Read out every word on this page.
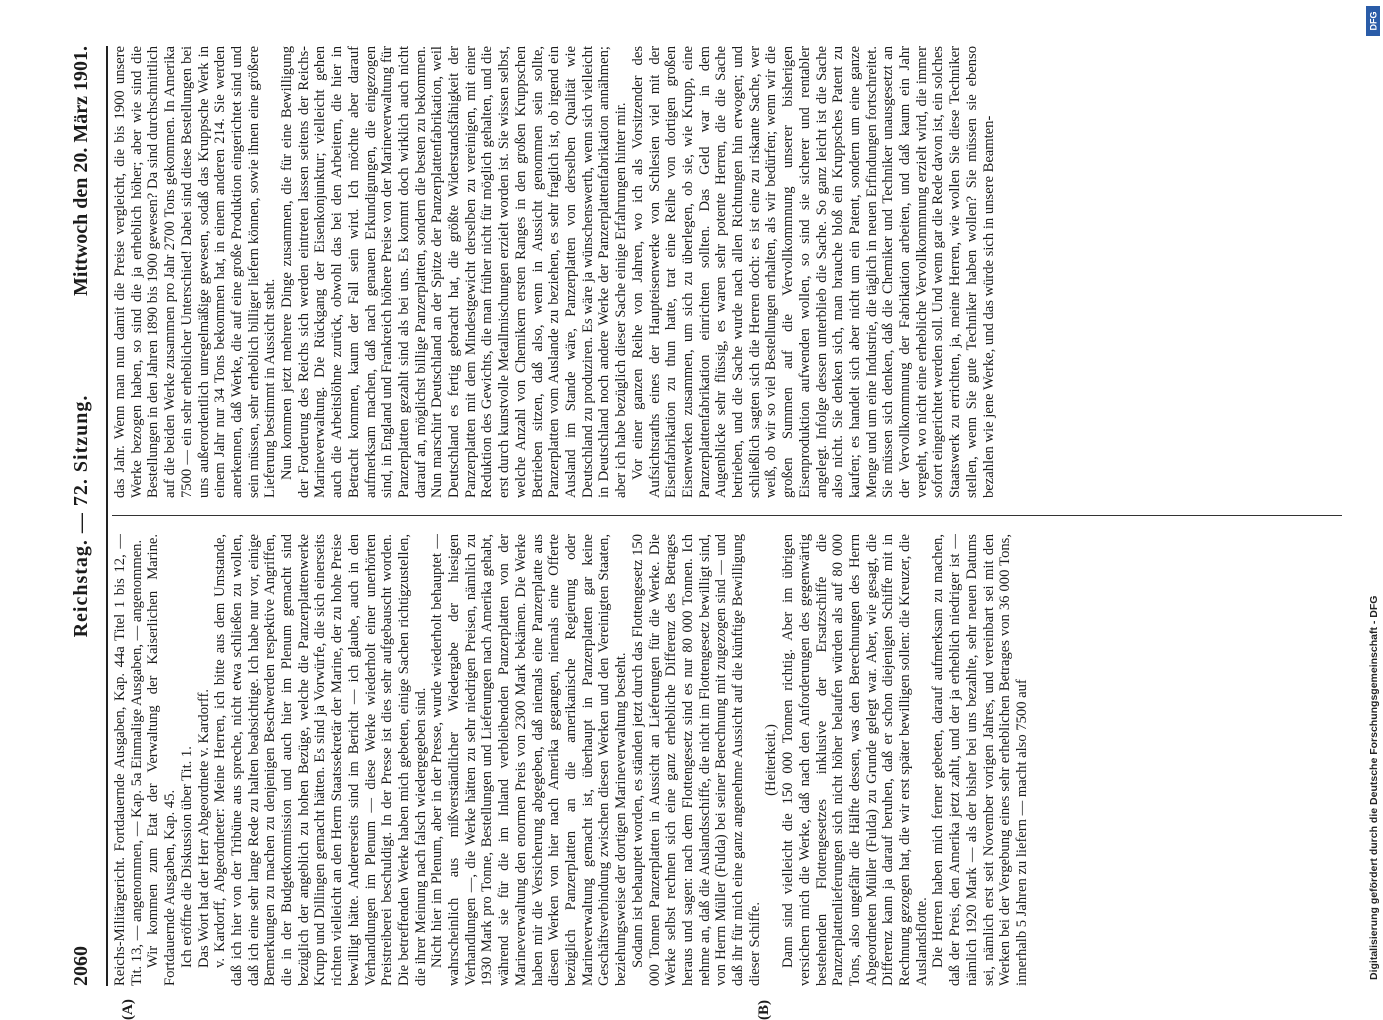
2060
Reichstag. — 72. Sitzung.
Mittwoch den 20. März 1901.
(A)	(B)

Reichs-Militärgericht. Fortdauernde Ausgaben, Kap. 44a Titel 1 bis 12, — Tit. 13, — angenommen, — Kap. 5a Einmalige Ausgaben, — angenommen. Wir kommen zum Etat der Verwaltung der Kaiserlichen Marine. Fortdauernde Ausgaben, Kap. 45. Ich eröffne die Diskussion über Tit. 1. Das Wort hat der Herr Abgeordnete v. Kardorff. v. Kardorff, Abgeordneter: Meine Herren, ich bitte aus dem Umstande, daß ich hier von der Tribüne aus spreche, nicht etwa schließen zu wollen, daß ich eine sehr lange Rede zu halten beabsichtige. Ich habe nur vor, einige Bemerkungen zu machen zu denjenigen Beschwerden respektive Angriffen, die in der Budgetkommission und auch hier im Plenum gemacht sind bezüglich der angeblich zu hohen Bezüge, welche die Panzerplattenwerke Krupp und Dillingen gemacht hätten. Es sind ja Vorwürfe, die sich einerseits richten vielleicht an den Herrn Staatssekretär der Marine, der zu hohe Preise bewilligt hätte. Andererseits sind im Bericht — ich glaube, auch in den Verhandlungen im Plenum — diese Werke wiederholt einer unerhörten Preistreiberei beschuldigt. In der Presse ist dies sehr aufgebauscht worden. Die betreffenden Werke haben mich gebeten, einige Sachen richtigzustellen, die ihrer Meinung nach falsch wiedergegeben sind. Nicht hier im Plenum, aber in der Presse, wurde wiederholt behauptet — wahrscheinlich aus mißverständlicher Wiedergabe der hiesigen Verhandlungen —, die Werke hätten zu sehr niedrigen Preisen, nämlich zu 1930 Mark pro Tonne, Bestellungen und Lieferungen nach Amerika gehabt, während sie für die im Inland verbleibenden Panzerplatten von der Marineverwaltung den enormen Preis von 2300 Mark bekämen. Die Werke haben mir die Versicherung abgegeben, daß niemals eine Panzerplatte aus diesen Werken von hier nach Amerika gegangen, niemals eine Offerte bezüglich Panzerplatten an die amerikanische Regierung oder Marineverwaltung gemacht ist, überhaupt in Panzerplatten gar keine Geschäftsverbindung zwischen diesen Werken und den Vereinigten Staaten, beziehungsweise der dortigen Marineverwaltung besteht. Sodann ist behauptet worden, es ständen jetzt durch das Flottengesetz 150 000 Tonnen Panzerplatten in Aussicht an Lieferungen für die Werke. Die Werke selbst rechnen sich eine ganz erhebliche Differenz des Betrages heraus und sagen: nach dem Flottengesetz sind es nur 80 000 Tonnen. Ich nehme an, daß die Auslandsschiffe, die nicht im Flottengesetz bewilligt sind, von Herrn Müller (Fulda) bei seiner Berechnung mit zugezogen sind — und daß ihr für mich eine ganz angenehme Aussicht auf die künftige Bewilligung dieser Schiffe.

(Heiterkeit.) Dann sind vielleicht die 150 000 Tonnen richtig. Aber im übrigen versichern mich die Werke, daß nach den Anforderungen des gegenwärtig bestehenden Flottengesetzes inklusive der Ersatzschiffe die Panzerplattenlieferungen sich nicht höher belaufen würden als auf 80 000 Tons, also ungefähr die Hälfte dessen, was den Berechnungen des Herrn Abgeordneten Müller (Fulda) zu Grunde gelegt war. Aber, wie gesagt, die Differenz kann ja darauf beruhen, daß er schon diejenigen Schiffe mit in Rechnung gezogen hat, die wir erst später bewilligen sollen: die Kreuzer, die Auslandsflotte. Die Herren haben mich ferner gebeten, darauf aufmerksam zu machen, daß der Preis, den Amerika jetzt zahlt, und der ja erheblich niedriger ist — nämlich 1920 Mark — als der bisher bei uns bezahlte, sehr neuen Datums sei, nämlich erst seit November vorigen Jahres, und vereinbart sei mit den Werken bei der Vergebung eines sehr erheblichen Betrages von 36 000 Tons, innerhalb 5 Jahren zu liefern — macht also 7500 auf

das Jahr. Wenn man nun damit die Preise vergleicht, die bis 1900 unsere Werke bezogen haben, so sind die ja erheblich höher; aber wie sind die Bestellungen in den Jahren 1890 bis 1900 gewesen? Da sind durchschnittlich auf die beiden Werke zusammen pro Jahr 2700 Tons gekommen. In Amerika 7500 — ein sehr erheblicher Unterschied! Dabei sind diese Bestellungen bei uns außerordentlich unregelmäßige gewesen, sodaß das Kruppsche Werk in einem Jahr nur 34 Tons bekommen hat, in einem anderen 214. Sie werden anerkennen, daß Werke, die auf eine große Produktion eingerichtet sind und sein müssen, sehr erheblich billiger liefern können, sowie ihnen eine größere Lieferung bestimmt in Aussicht steht. Nun kommen jetzt mehrere Dinge zusammen, die für eine Bewilligung der Forderung des Reichs sich werden eintreten lassen seitens der Reichs-Marineverwaltung. Die Rückgang der Eisenkonjunktur; vielleicht gehen auch die Arbeitslöhne zurück, obwohl das bei den Arbeitern, die hier in Betracht kommen, kaum der Fall sein wird. Ich möchte aber darauf aufmerksam machen, daß nach genauen Erkundigungen, die eingezogen sind, in England und Frankreich höhere Preise von der Marineverwaltung für Panzerplatten gezahlt sind als bei uns. Es kommt doch wirklich auch nicht darauf an, möglichst billige Panzerplatten, sondern die besten zu bekommen. Nun marschirt Deutschland an der Spitze der Panzerplattenfabrikation, weil Deutschland es fertig gebracht hat, die größte Widerstandsfähigkeit der Panzerplatten mit dem Mindestgewicht derselben zu vereinigen, mit einer Reduktion des Gewichts, die man früher nicht für möglich gehalten, und die erst durch kunstvolle Metallmischungen erzielt worden ist. Sie wissen selbst, welche Anzahl von Chemikern ersten Ranges in den großen Kruppschen Betrieben sitzen, daß also, wenn in Aussicht genommen sein sollte, Panzerplatten vom Auslande zu beziehen, es sehr fraglich ist, ob irgend ein Ausland im Stande wäre, Panzerplatten von derselben Qualität wie Deutschland zu produziren. Es wäre ja wünschenswerth, wenn sich vielleicht in Deutschland noch andere Werke der Panzerplattenfabrikation annähmen; aber ich habe bezüglich dieser Sache einige Erfahrungen hinter mir. Vor einer ganzen Reihe von Jahren, wo ich als Vorsitzender des Aufsichtsraths eines der Haupteisenwerke von Schlesien viel mit der Eisenfabrikation zu thun hatte, trat eine Reihe von dortigen großen Eisenwerken zusammen, um sich zu überlegen, ob sie, wie Krupp, eine Panzerplattenfabrikation einrichten sollten. Das Geld war in dem Augenblicke sehr flüssig, es waren sehr potente Herren, die die Sache betrieben, und die Sache wurde nach allen Richtungen hin erwogen; und schließlich sagten sich die Herren doch: es ist eine zu riskante Sache, wer weiß, ob wir so viel Bestellungen erhalten, als wir bedürfen; wenn wir die großen Summen auf die Vervollkommnung unserer bisherigen Eisenproduktion aufwenden wollen, so sind sie sicherer und rentabler angelegt. Infolge dessen unterblieb die Sache. So ganz leicht ist die Sache also nicht. Sie denken sich, man brauche bloß ein Kruppsches Patent zu kaufen; es handelt sich aber nicht um ein Patent, sondern um eine ganze Menge und um eine Industrie, die täglich in neuen Erfindungen fortschreitet. Sie müssen sich denken, daß die Chemiker und Techniker unausgesetzt an der Vervollkommnung der Fabrikation arbeiten, und daß kaum ein Jahr vergeht, wo nicht eine erhebliche Vervollkommnung erzielt wird, die immer sofort eingerichtet werden soll. Und wenn gar die Rede davon ist, ein solches Staatswerk zu errichten, ja, meine Herren, wie wollen Sie diese Techniker stellen, wenn Sie gute Techniker haben wollen? Sie müssen sie ebenso bezahlen wie jene Werke, und das würde sich in unsere Beamten-

DFG
Digitalisierung gefördert durch die Deutsche Forschungsgemeinschaft - DFG
